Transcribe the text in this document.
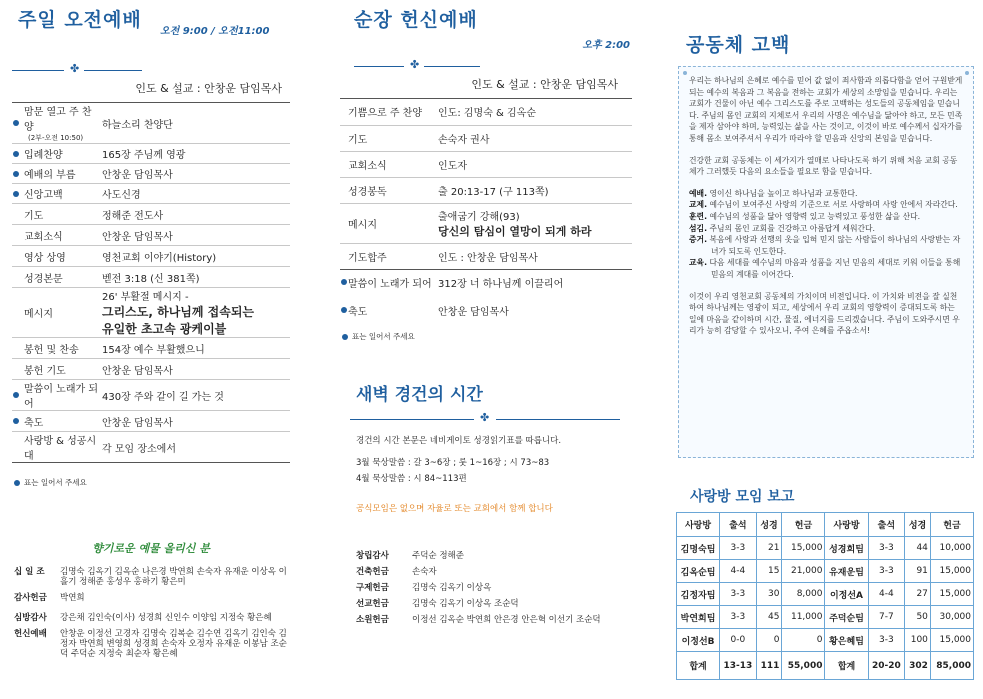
주일 오전예배
오전 9:00 / 오전11:00
✤
인도 & 설교 : 안창운 담임목사
맘문 열고 주 찬양
(2부-오전 10:50)	하늘소리 찬양단

입례찬양	165장 주님께 영광

예배의 부름	안창운 담임목사

신앙고백	사도신경
기도	정해준 전도사
교회소식	안창운 담임목사
영상 상영	영천교회 이야기(History)
성경본문	벧전 3:18 (신 381쪽)
메시지	26' 부활절 메시지 -
그리스도, 하나님께 접속되는
유일한 초고속 광케이블

봉헌 및 찬송	154장 예수 부활했으니
봉헌 기도	안창운 담임목사

말씀이 노래가 되어	430장 주와 같이 길 가는 것

축도	안창운 담임목사
사랑방 & 성공시대	각 모임 장소에서
표는 일어서 주세요
향기로운 예물 올리신 분
십 일 조	김명숙 김옥기 김옥순 나은경 박연희 손숙자 유재운 이상옥 이흘기 정해준 홍성우 홍하기 황은미
감사헌금	박연희
심방감사	강은채 김인숙(이사) 성경희 신인수 이양임 지정숙 황은혜
헌신예배	안창운 이정선 고경자 김명숙 김복순 김수연 김옥기 김인숙 김정자 박연희 변영희 성경희 손숙자 오정자 유재운 이봉남 조순덕 주덕순 지정숙 최순자 황은혜
순장 헌신예배
오후 2:00
✤
인도 & 설교 : 안창운 담임목사
기쁨으로 주 찬양	인도: 김명숙 & 김옥순
기도	손숙자 권사
교회소식	인도자
성경봉독	출 20:13-17 (구 113쪽)
메시지	출애굽기 강해(93)
당신의 탐심이 열망이 되게 하라

기도합주	인도 : 안창운 담임목사

말씀이 노래가 되어	312장 너 하나님께 이끌리어

축도	안창운 담임목사
표는 일어서 주세요
새벽 경건의 시간
✤
경건의 시간 본문은 네비게이토 성경읽기표를 따릅니다.
3월 묵상말씀 : 갈 3~6장 ; 룻 1~16장 ; 시 73~83
4월 묵상말씀 : 시 84~113편
공식모임은 없으며 자율로 또는 교회에서 함께 합니다
창립감사	주덕순 정해준
건축헌금	손숙자
구제헌금	김명숙 김옥기 이상옥
선교헌금	김명숙 김옥기 이상옥 조순덕
소원헌금	이정선 김옥순 박연희 안은경 안은혁 이선기 조순덕
공동체 고백

우리는 하나님의 은혜로 예수를 믿어 값 없이 죄사함과 의롭다함을 얻어 구원받게 되는 예수의 복음과 그 복음을 전하는 교회가 세상의 소망임을 믿습니다. 우리는 교회가 건물이 아닌 예수 그리스도를 주로 고백하는 성도들의 공동체임을 믿습니다. 주님의 몸인 교회의 지체로서 우리의 사명은 예수님을 닮아야 하고, 모든 민족을 제자 삼아야 하며, 능력있는 삶을 사는 것이고, 이것이 바로 예수께서 십자가를 통해 몸소 보여주셔서 우리가 따라야 할 믿음과 신앙의 본임을 믿습니다.

건강한 교회 공동체는 이 세가지가 열매로 나타나도록 하기 위해 처음 교회 공동체가 그러했듯 다음의 요소들을 필요로 함을 믿습니다.

예배. 영이신 하나님을 높이고 하나님과 교통한다.
교제. 예수님이 보여주신 사랑의 기준으로 서로 사랑하며 사랑 안에서 자라간다.
훈련. 예수님의 성품을 닮아 영향력 있고 능력있고 풍성한 삶을 산다.
섬김. 주님의 몸인 교회를 건강하고 아름답게 세워간다.
증거. 복음에 사랑과 선행의 옷을 입혀 믿지 않는 사람들이 하나님의 사랑받는 자녀가 되도록 인도한다.
교육. 다음 세대를 예수님의 마음과 성품을 지닌 믿음의 세대로 키워 이들을 통해 믿음의 계대를 이어간다.

이것이 우리 영천교회 공동체의 가치이며 비전입니다. 이 가치와 비전을 잘 실천하여 하나님께는 영광이 되고, 세상에서 우리 교회의 영향력이 증대되도록 하는 일에 마음을 같이하며 시간, 물질, 에너지를 드리겠습니다. 주님이 도와주시면 우리가 능히 감당할 수 있사오니, 주여 은혜를 주옵소서!

사랑방 모임 보고
사랑방	출석	성경	헌금	사랑방	출석	성경	헌금
김명숙팀	3-3	21	15,000	성경희팀	3-3	44	10,000
김옥순팀	4-4	15	21,000	유재운팀	3-3	91	15,000
김정자팀	3-3	30	8,000	이정선A	4-4	27	15,000
박연희팀	3-3	45	11,000	주덕순팀	7-7	50	30,000
이정선B	0-0	0	0	황은혜팀	3-3	100	15,000
합계	13-13	111	55,000	합계	20-20	302	85,000
